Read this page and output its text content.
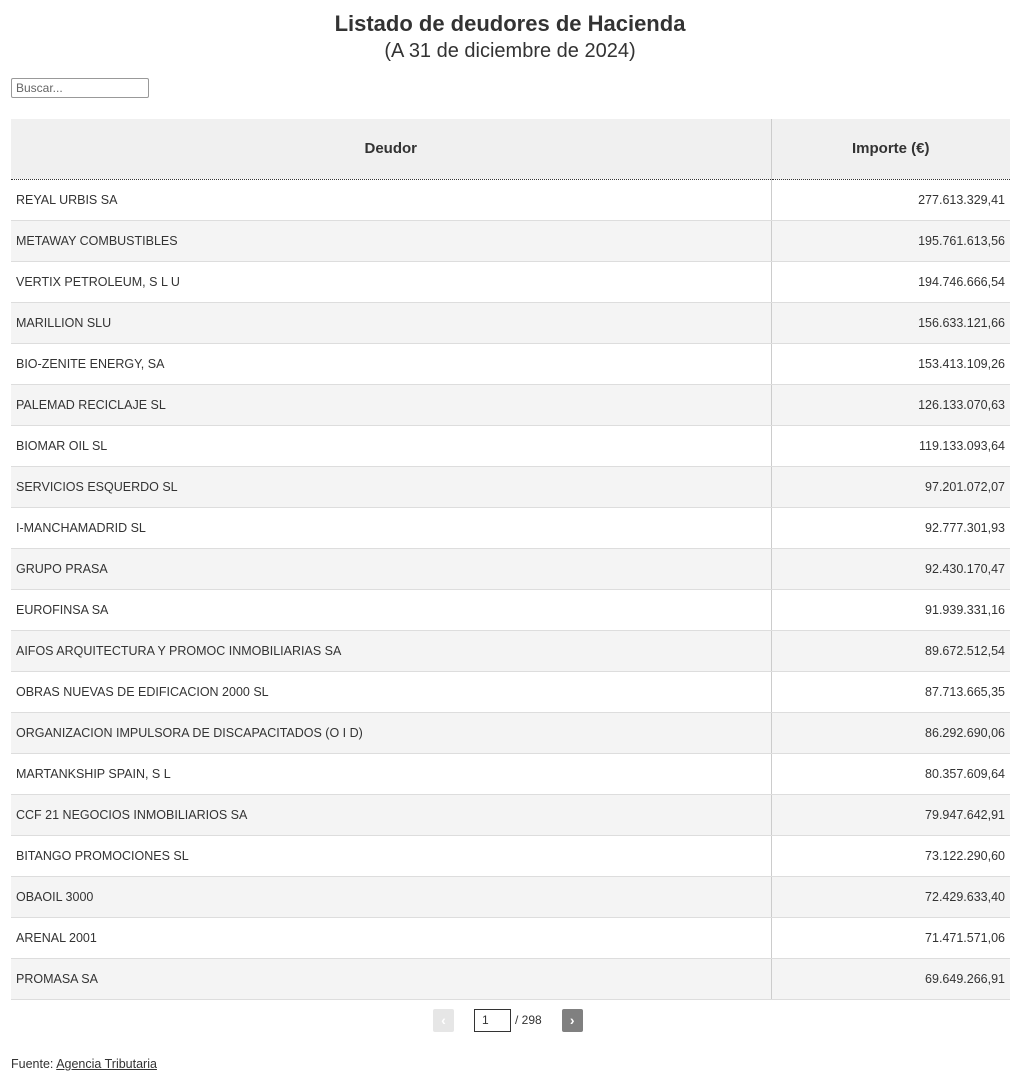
Listado de deudores de Hacienda
(A 31 de diciembre de 2024)
Buscar...
Deudor	Importe (€)
REYAL URBIS SA	277.613.329,41
METAWAY COMBUSTIBLES	195.761.613,56
VERTIX PETROLEUM, S L U	194.746.666,54
MARILLION SLU	156.633.121,66
BIO-ZENITE ENERGY, SA	153.413.109,26
PALEMAD RECICLAJE SL	126.133.070,63
BIOMAR OIL SL	119.133.093,64
SERVICIOS ESQUERDO SL	97.201.072,07
I-MANCHAMADRID SL	92.777.301,93
GRUPO PRASA	92.430.170,47
EUROFINSA SA	91.939.331,16
AIFOS ARQUITECTURA Y PROMOC INMOBILIARIAS SA	89.672.512,54
OBRAS NUEVAS DE EDIFICACION 2000 SL	87.713.665,35
ORGANIZACION IMPULSORA DE DISCAPACITADOS (O I D)	86.292.690,06
MARTANKSHIP SPAIN, S L	80.357.609,64
CCF 21 NEGOCIOS INMOBILIARIOS SA	79.947.642,91
BITANGO PROMOCIONES SL	73.122.290,60
OBAOIL 3000	72.429.633,40
ARENAL 2001	71.471.571,06
PROMASA SA	69.649.266,91
‹
1	/ 298	›
Fuente: Agencia Tributaria
